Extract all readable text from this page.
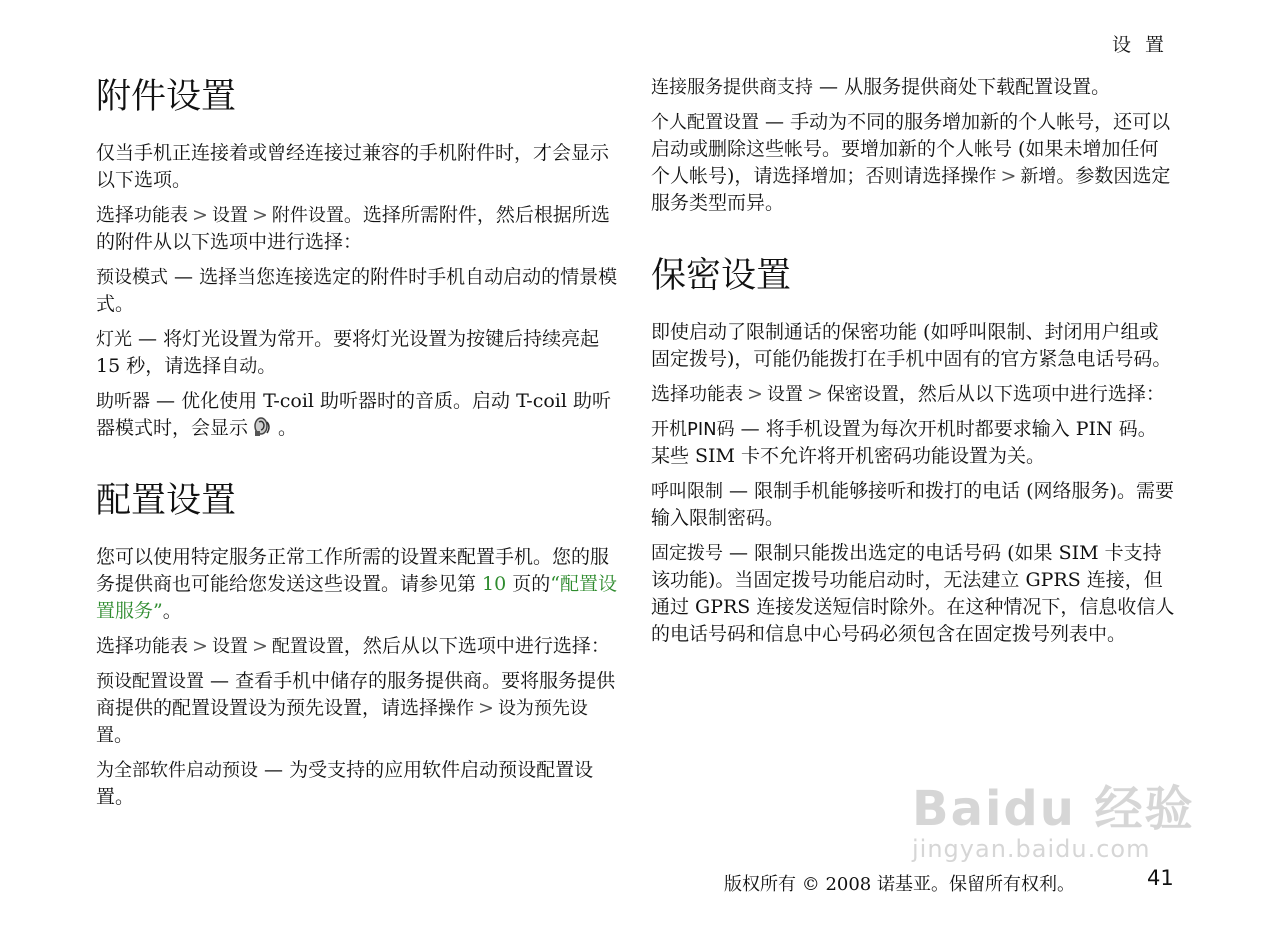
设 置
附件设置

仅当手机正连接着或曾经连接过兼容的手机附件时，才会显示以下选项。

选择功能表 > 设置 > 附件设置。选择所需附件，然后根据所选的附件从以下选项中进行选择：

预设模式 — 选择当您连接选定的附件时手机自动启动的情景模式。

灯光 — 将灯光设置为常开。要将灯光设置为按键后持续亮起 15 秒，请选择自动。

助听器 — 优化使用 T-coil 助听器时的音质。启动 T-coil 助听器模式时，会显示 。

配置设置

您可以使用特定服务正常工作所需的设置来配置手机。您的服务提供商也可能给您发送这些设置。请参见第 10 页的“配置设置服务”。

选择功能表 > 设置 > 配置设置，然后从以下选项中进行选择：

预设配置设置 — 查看手机中储存的服务提供商。要将服务提供商提供的配置设置设为预先设置，请选择操作 > 设为预先设置。

为全部软件启动预设 — 为受支持的应用软件启动预设配置设置。

连接服务提供商支持 — 从服务提供商处下载配置设置。

个人配置设置 — 手动为不同的服务增加新的个人帐号，还可以启动或删除这些帐号。要增加新的个人帐号 (如果未增加任何个人帐号)，请选择增加；否则请选择操作 > 新增。参数因选定服务类型而异。

保密设置

即使启动了限制通话的保密功能 (如呼叫限制、封闭用户组或固定拨号)，可能仍能拨打在手机中固有的官方紧急电话号码。

选择功能表 > 设置 > 保密设置，然后从以下选项中进行选择：

开机PIN码 — 将手机设置为每次开机时都要求输入 PIN 码。某些 SIM 卡不允许将开机密码功能设置为关。

呼叫限制 — 限制手机能够接听和拨打的电话 (网络服务)。需要输入限制密码。

固定拨号 — 限制只能拨出选定的电话号码 (如果 SIM 卡支持该功能)。当固定拨号功能启动时，无法建立 GPRS 连接，但通过 GPRS 连接发送短信时除外。在这种情况下，信息收信人的电话号码和信息中心号码必须包含在固定拨号列表中。

Baidu 经验
jingyan.baidu.com
版权所有 © 2008 诺基亚。保留所有权利。	41
